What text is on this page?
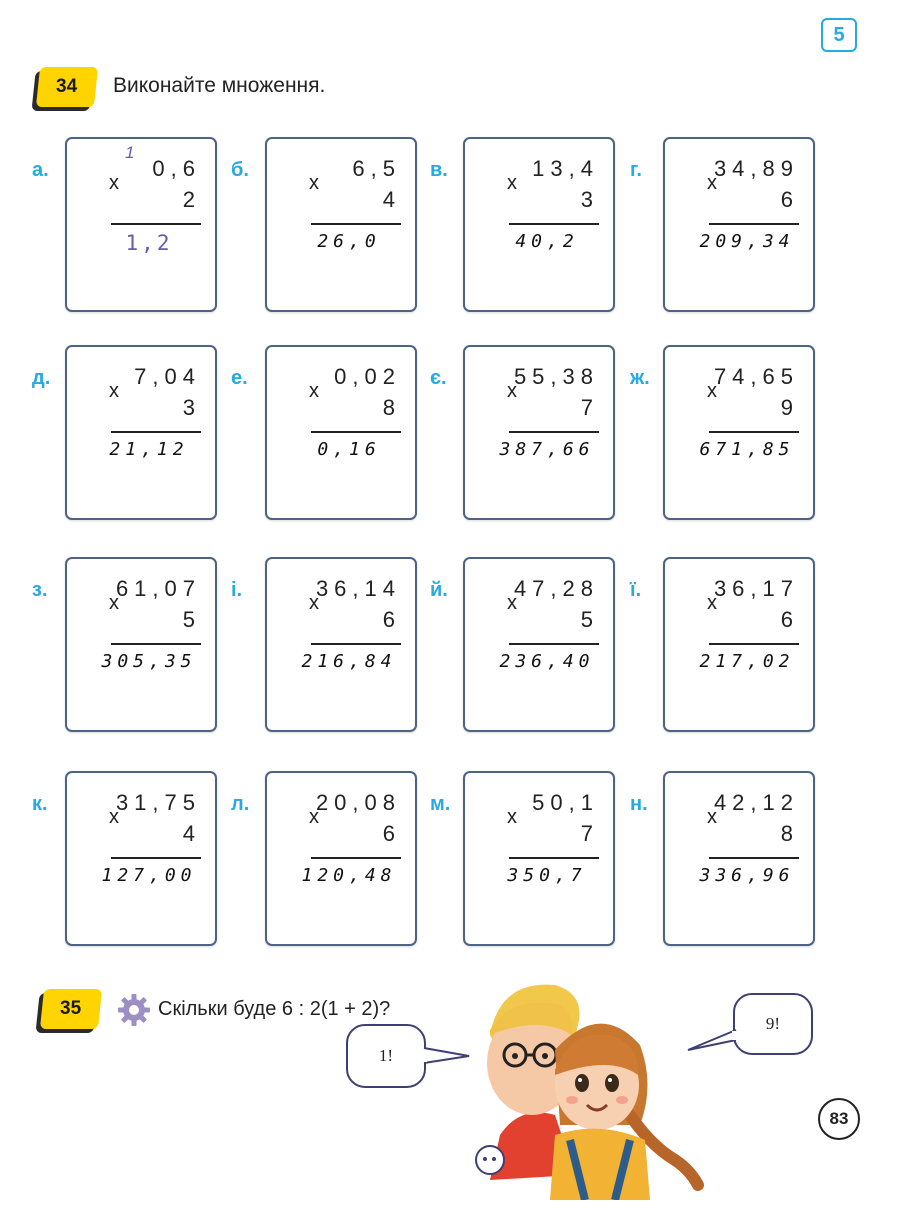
5
34 Виконайте множення.
а.
1
x
0,6
2
1,2
б.
x
6,5
4
26,0
в.
x
13,4
3
40,2
г.
x
34,89
6
209,34
д.
x
7,04
3
21,12
е.
x
0,02
8
0,16
є.
x
55,38
7
387,66
ж.
x
74,65
9
671,85
з.
x
61,07
5
305,35
і.
x
36,14
6
216,84
й.
x
47,28
5
236,40
ї.
x
36,17
6
217,02
к.
x
31,75
4
127,00
л.
x
20,08
6
120,48
м.
x
50,1
7
350,7
н.
x
42,12
8
336,96
35	Скільки буде 6 : 2(1 + 2)?
1!
9!
83
